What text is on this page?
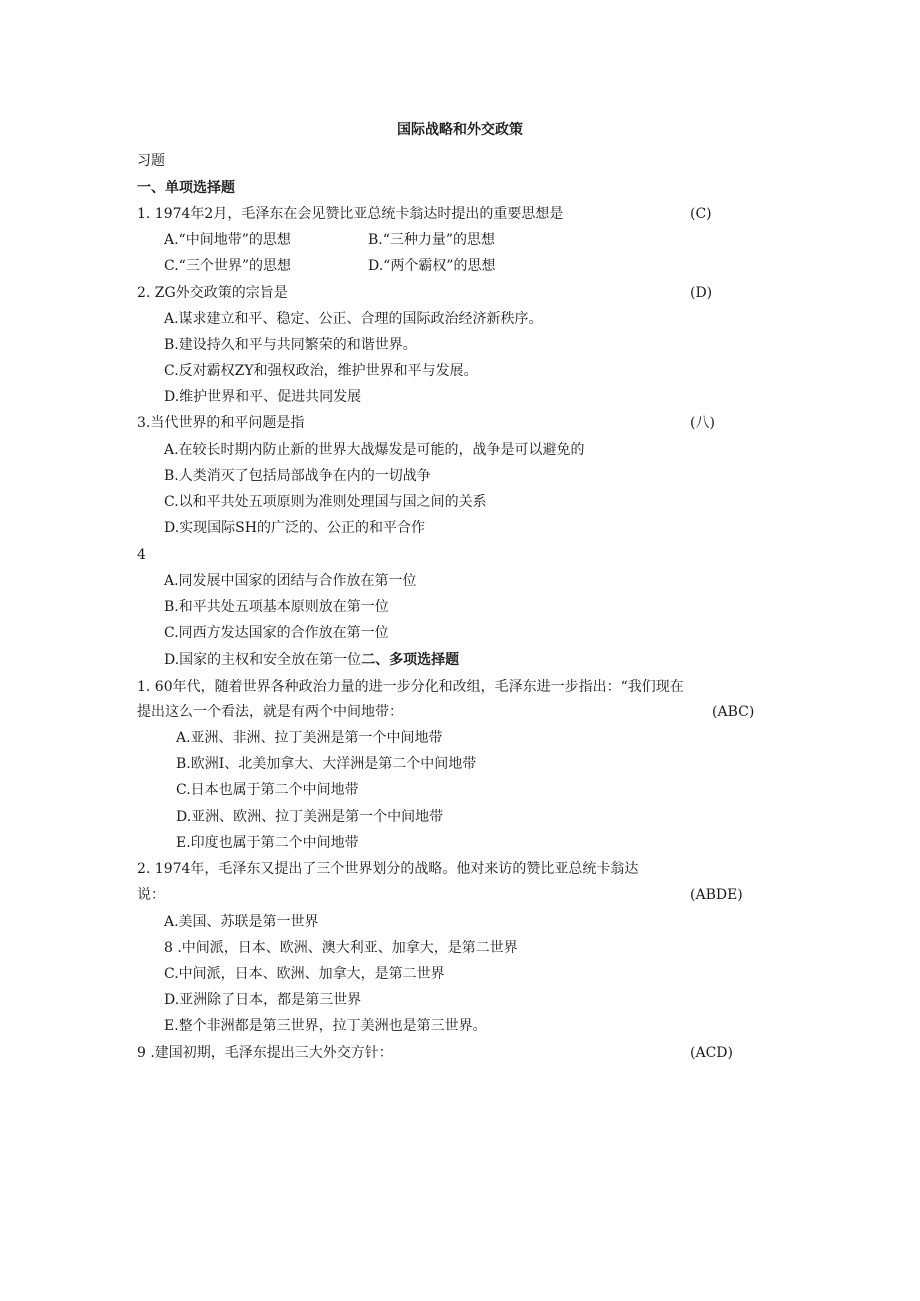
国际战略和外交政策
习题
一、单项选择题
1. 1974年2月，毛泽东在会见赞比亚总统卡翁达时提出的重要思想是	(C)
A.“中间地带”的思想	B.“三种力量”的思想
C.“三个世界”的思想	D.“两个霸权”的思想
2. ZG外交政策的宗旨是	(D)
A.谋求建立和平、稳定、公正、合理的国际政治经济新秩序。
B.建设持久和平与共同繁荣的和谐世界。
C.反对霸权ZY和强权政治，维护世界和平与发展。
D.维护世界和平、促进共同发展
3.当代世界的和平问题是指	(八)
A.在较长时期内防止新的世界大战爆发是可能的，战争是可以避免的
B.人类消灭了包括局部战争在内的一切战争
C.以和平共处五项原则为准则处理国与国之间的关系
D.实现国际SH的广泛的、公正的和平合作
4
A.同发展中国家的团结与合作放在第一位
B.和平共处五项基本原则放在第一位
C.同西方发达国家的合作放在第一位
D.国家的主权和安全放在第一位二、多项选择题
1. 60年代，随着世界各种政治力量的进一步分化和改组，毛泽东进一步指出：“我们现在
提出这么一个看法，就是有两个中间地带：	(ABC)
A.亚洲、非洲、拉丁美洲是第一个中间地带
B.欧洲I、北美加拿大、大洋洲是第二个中间地带
C.日本也属于第二个中间地带
D.亚洲、欧洲、拉丁美洲是第一个中间地带
E.印度也属于第二个中间地带
2. 1974年，毛泽东又提出了三个世界划分的战略。他对来访的赞比亚总统卡翁达
说：	(ABDE)
A.美国、苏联是第一世界
8 .中间派，日本、欧洲、澳大利亚、加拿大，是第二世界
C.中间派，日本、欧洲、加拿大，是第二世界
D.亚洲除了日本，都是第三世界
E.整个非洲都是第三世界，拉丁美洲也是第三世界。
9 .建国初期，毛泽东提出三大外交方针：	(ACD)
